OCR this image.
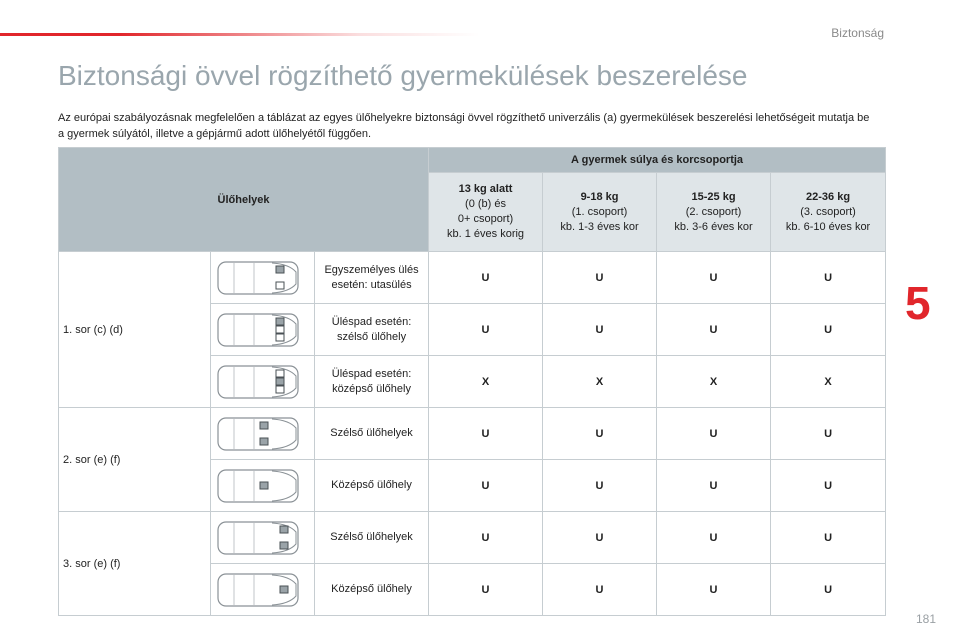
Biztonság
Biztonsági övvel rögzíthető gyermekülések beszerelése
Az európai szabályozásnak megfelelően a táblázat az egyes ülőhelyekre biztonsági övvel rögzíthető univerzális (a) gyermekülések beszerelési lehetőségeit mutatja be a gyermek súlyától, illetve a gépjármű adott ülőhelyétől függően.
5
181
Ülőhelyek			A gyermek súlya és korcsoportja			
			13 kg alatt
(0 (b) és
0+ csoport)
kb. 1 éves korig	9-18 kg
(1. csoport)
kb. 1-3 éves kor	15-25 kg
(2. csoport)
kb. 3-6 éves kor	22-36 kg
(3. csoport)
kb. 6-10 éves kor
1. sor (c) (d)		Egyszemélyes ülés esetén: utasülés	U	U	U	U
	Üléspad esetén: szélső ülőhely	U	U	U	U
	Üléspad esetén: középső ülőhely	X	X	X	X
2. sor (e) (f)		Szélső ülőhelyek	U	U	U	U
	Középső ülőhely	U	U	U	U
3. sor (e) (f)		Szélső ülőhelyek	U	U	U	U
	Középső ülőhely	U	U	U	U
